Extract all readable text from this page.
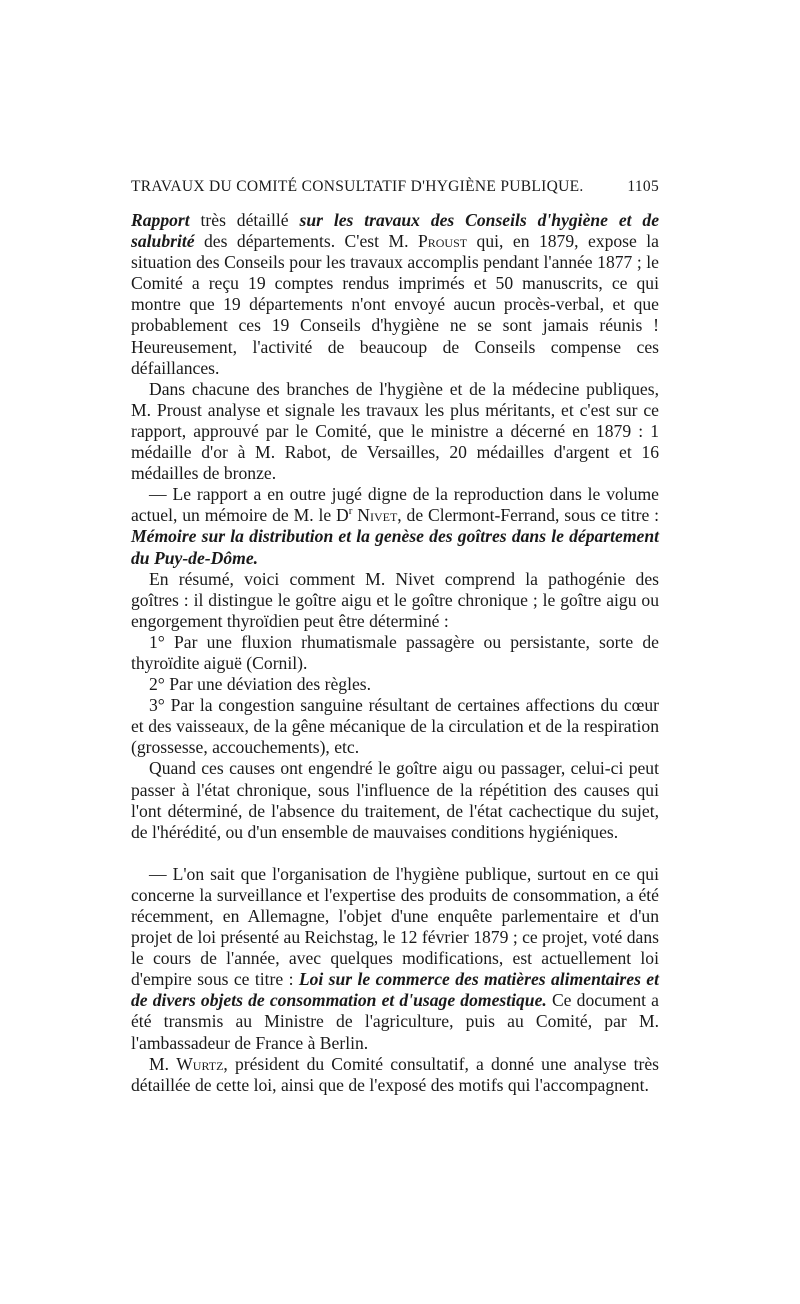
TRAVAUX DU COMITÉ CONSULTATIF D'HYGIÈNE PUBLIQUE.	1105

Rapport très détaillé sur les travaux des Conseils d'hygiène et de salubrité des départements. C'est M. Proust qui, en 1879, expose la situation des Conseils pour les travaux accomplis pendant l'année 1877 ; le Comité a reçu 19 comptes rendus imprimés et 50 manuscrits, ce qui montre que 19 départements n'ont envoyé aucun procès-verbal, et que probablement ces 19 Conseils d'hygiène ne se sont jamais réunis ! Heureusement, l'activité de beaucoup de Conseils compense ces défaillances.

Dans chacune des branches de l'hygiène et de la médecine publiques, M. Proust analyse et signale les travaux les plus méritants, et c'est sur ce rapport, approuvé par le Comité, que le ministre a décerné en 1879 : 1 médaille d'or à M. Rabot, de Versailles, 20 médailles d'argent et 16 médailles de bronze.

— Le rapport a en outre jugé digne de la reproduction dans le volume actuel, un mémoire de M. le $D^r$ Nivet, de Clermont-Ferrand, sous ce titre : Mémoire sur la distribution et la genèse des goîtres dans le département du Puy-de-Dôme.

En résumé, voici comment M. Nivet comprend la pathogénie des goîtres : il distingue le goître aigu et le goître chronique ; le goître aigu ou engorgement thyroïdien peut être déterminé :

1° Par une fluxion rhumatismale passagère ou persistante, sorte de thyroïdite aiguë (Cornil).

2° Par une déviation des règles.

3° Par la congestion sanguine résultant de certaines affections du cœur et des vaisseaux, de la gêne mécanique de la circulation et de la respiration (grossesse, accouchements), etc.

Quand ces causes ont engendré le goître aigu ou passager, celui-ci peut passer à l'état chronique, sous l'influence de la répétition des causes qui l'ont déterminé, de l'absence du traitement, de l'état cachectique du sujet, de l'hérédité, ou d'un ensemble de mauvaises conditions hygiéniques.

— L'on sait que l'organisation de l'hygiène publique, surtout en ce qui concerne la surveillance et l'expertise des produits de consommation, a été récemment, en Allemagne, l'objet d'une enquête parlementaire et d'un projet de loi présenté au Reichstag, le 12 février 1879 ; ce projet, voté dans le cours de l'année, avec quelques modifications, est actuellement loi d'empire sous ce titre : Loi sur le commerce des matières alimentaires et de divers objets de consommation et d'usage domestique. Ce document a été transmis au Ministre de l'agriculture, puis au Comité, par M. l'ambassadeur de France à Berlin.

M. Wurtz, président du Comité consultatif, a donné une analyse très détaillée de cette loi, ainsi que de l'exposé des motifs qui l'accompagnent.
